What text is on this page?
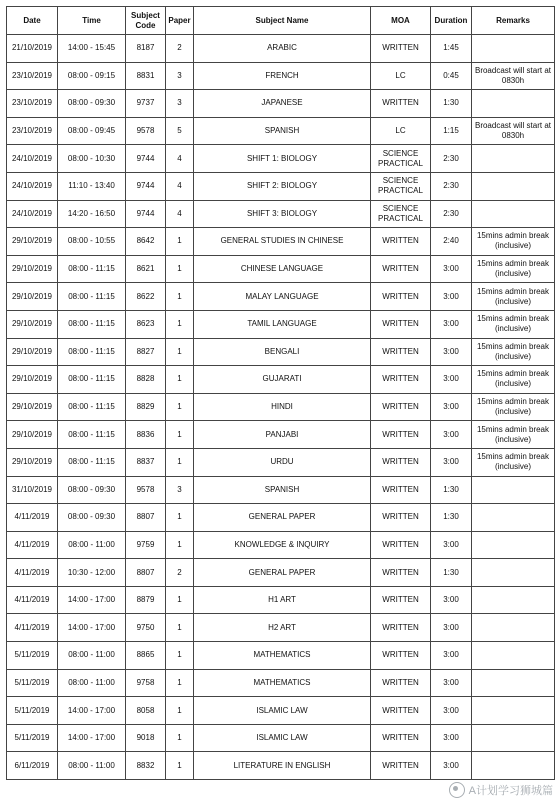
Date	Time	Subject Code	Paper	Subject Name	MOA	Duration	Remarks
21/10/2019	14:00 - 15:45	8187	2	ARABIC	WRITTEN	1:45	
23/10/2019	08:00 - 09:15	8831	3	FRENCH	LC	0:45	Broadcast will start at 0830h
23/10/2019	08:00 - 09:30	9737	3	JAPANESE	WRITTEN	1:30	
23/10/2019	08:00 - 09:45	9578	5	SPANISH	LC	1:15	Broadcast will start at 0830h
24/10/2019	08:00 - 10:30	9744	4	SHIFT 1: BIOLOGY	SCIENCE PRACTICAL	2:30	
24/10/2019	11:10 - 13:40	9744	4	SHIFT 2: BIOLOGY	SCIENCE PRACTICAL	2:30	
24/10/2019	14:20 - 16:50	9744	4	SHIFT 3: BIOLOGY	SCIENCE PRACTICAL	2:30	
29/10/2019	08:00 - 10:55	8642	1	GENERAL STUDIES IN CHINESE	WRITTEN	2:40	15mins admin break (inclusive)
29/10/2019	08:00 - 11:15	8621	1	CHINESE LANGUAGE	WRITTEN	3:00	15mins admin break (inclusive)
29/10/2019	08:00 - 11:15	8622	1	MALAY LANGUAGE	WRITTEN	3:00	15mins admin break (inclusive)
29/10/2019	08:00 - 11:15	8623	1	TAMIL LANGUAGE	WRITTEN	3:00	15mins admin break (inclusive)
29/10/2019	08:00 - 11:15	8827	1	BENGALI	WRITTEN	3:00	15mins admin break (inclusive)
29/10/2019	08:00 - 11:15	8828	1	GUJARATI	WRITTEN	3:00	15mins admin break (inclusive)
29/10/2019	08:00 - 11:15	8829	1	HINDI	WRITTEN	3:00	15mins admin break (inclusive)
29/10/2019	08:00 - 11:15	8836	1	PANJABI	WRITTEN	3:00	15mins admin break (inclusive)
29/10/2019	08:00 - 11:15	8837	1	URDU	WRITTEN	3:00	15mins admin break (inclusive)
31/10/2019	08:00 - 09:30	9578	3	SPANISH	WRITTEN	1:30	
4/11/2019	08:00 - 09:30	8807	1	GENERAL PAPER	WRITTEN	1:30	
4/11/2019	08:00 - 11:00	9759	1	KNOWLEDGE & INQUIRY	WRITTEN	3:00	
4/11/2019	10:30 - 12:00	8807	2	GENERAL PAPER	WRITTEN	1:30	
4/11/2019	14:00 - 17:00	8879	1	H1 ART	WRITTEN	3:00	
4/11/2019	14:00 - 17:00	9750	1	H2 ART	WRITTEN	3:00	
5/11/2019	08:00 - 11:00	8865	1	MATHEMATICS	WRITTEN	3:00	
5/11/2019	08:00 - 11:00	9758	1	MATHEMATICS	WRITTEN	3:00	
5/11/2019	14:00 - 17:00	8058	1	ISLAMIC LAW	WRITTEN	3:00	
5/11/2019	14:00 - 17:00	9018	1	ISLAMIC LAW	WRITTEN	3:00	
6/11/2019	08:00 - 11:00	8832	1	LITERATURE IN ENGLISH	WRITTEN	3:00	
A计划学习狮城篇
